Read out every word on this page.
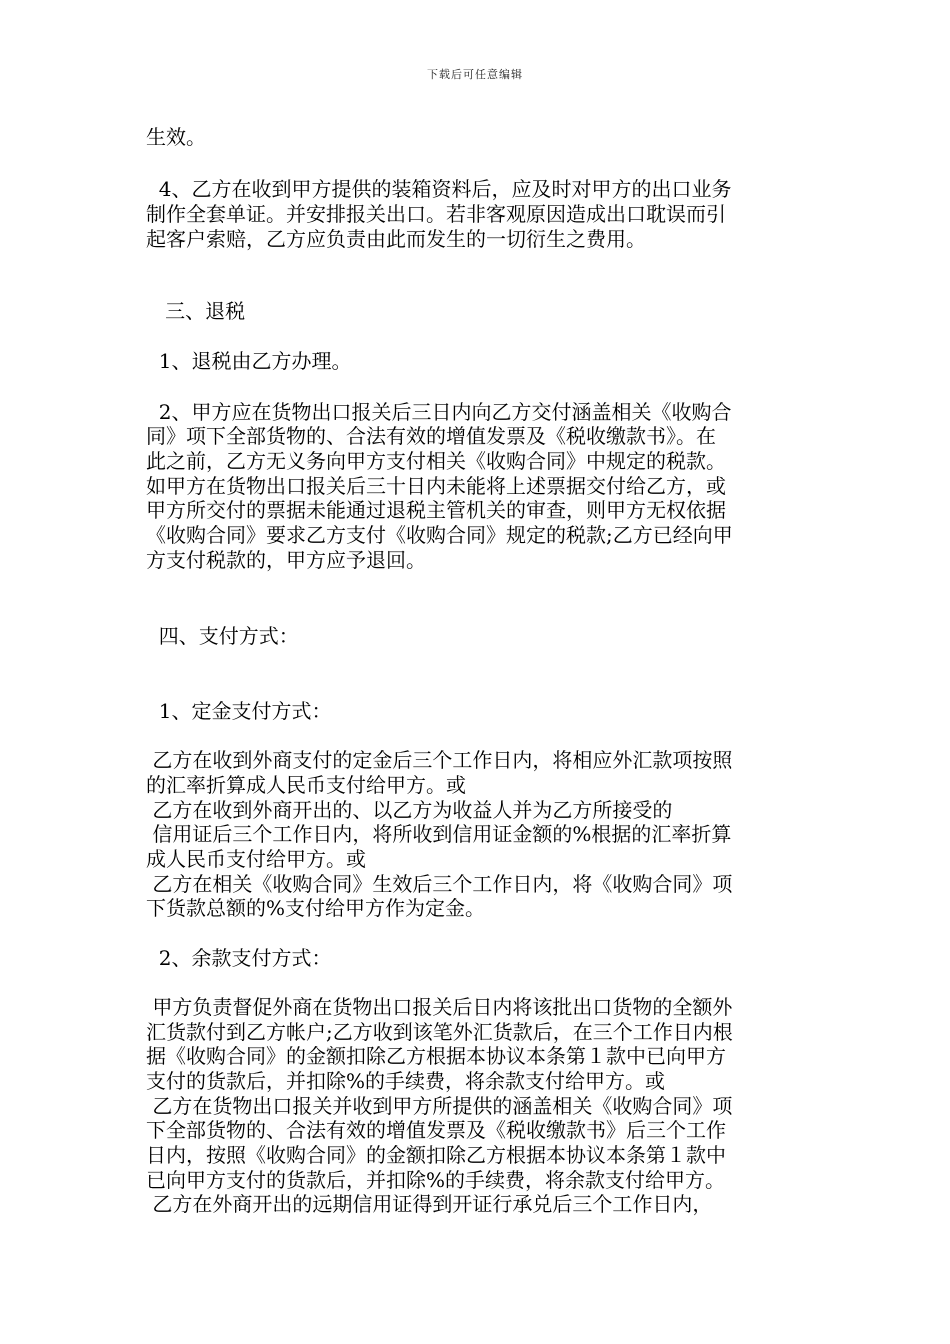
下载后可任意编辑
生效。
4、乙方在收到甲方提供的装箱资料后，应及时对甲方的出口业务
制作全套单证。并安排报关出口。若非客观原因造成出口耽误而引
起客户索赔，乙方应负责由此而发生的一切衍生之费用。
三、退税
1、退税由乙方办理。
2、甲方应在货物出口报关后三日内向乙方交付涵盖相关《收购合
同》项下全部货物的、合法有效的增值发票及《税收缴款书》。在
此之前，乙方无义务向甲方支付相关《收购合同》中规定的税款。
如甲方在货物出口报关后三十日内未能将上述票据交付给乙方，或
甲方所交付的票据未能通过退税主管机关的审查，则甲方无权依据
《收购合同》要求乙方支付《收购合同》规定的税款;乙方已经向甲
方支付税款的，甲方应予退回。
四、支付方式：
1、定金支付方式：
乙方在收到外商支付的定金后三个工作日内，将相应外汇款项按照
的汇率折算成人民币支付给甲方。或
乙方在收到外商开出的、以乙方为收益人并为乙方所接受的
信用证后三个工作日内，将所收到信用证金额的%根据的汇率折算
成人民币支付给甲方。或
乙方在相关《收购合同》生效后三个工作日内，将《收购合同》项
下货款总额的%支付给甲方作为定金。
2、余款支付方式：
甲方负责督促外商在货物出口报关后日内将该批出口货物的全额外
汇货款付到乙方帐户;乙方收到该笔外汇货款后，在三个工作日内根
据《收购合同》的金额扣除乙方根据本协议本条第１款中已向甲方
支付的货款后，并扣除%的手续费，将余款支付给甲方。或
乙方在货物出口报关并收到甲方所提供的涵盖相关《收购合同》项
下全部货物的、合法有效的增值发票及《税收缴款书》后三个工作
日内，按照《收购合同》的金额扣除乙方根据本协议本条第１款中
已向甲方支付的货款后，并扣除%的手续费，将余款支付给甲方。
乙方在外商开出的远期信用证得到开证行承兑后三个工作日内，
